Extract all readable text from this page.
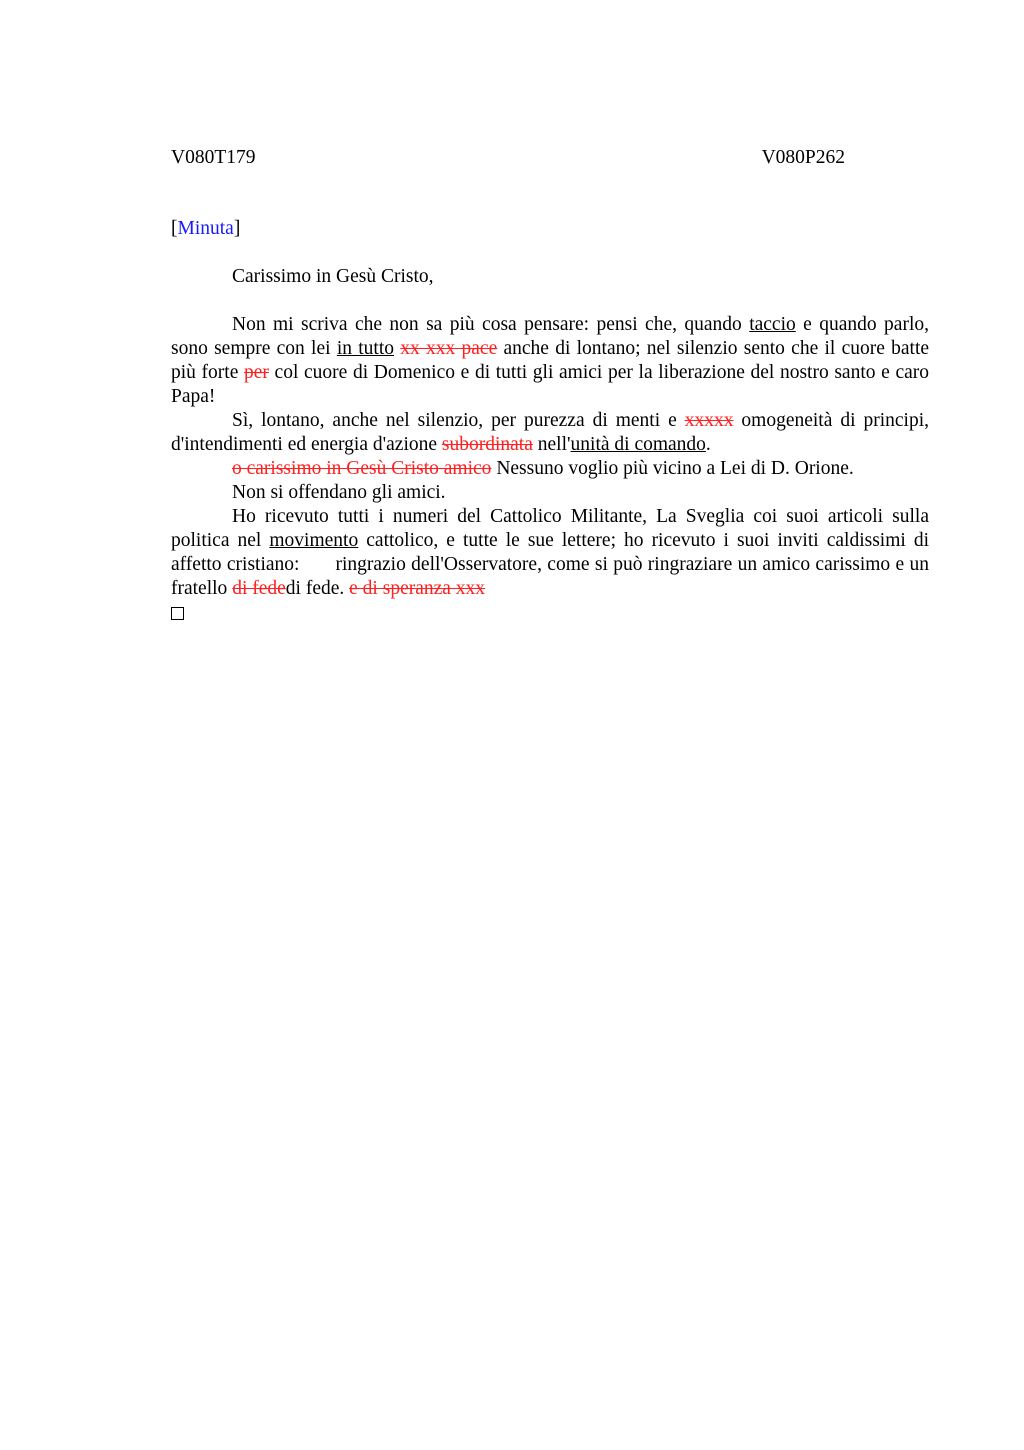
V080T179	V080P262
[Minuta]
Carissimo in Gesù Cristo,

Non mi scriva che non sa più cosa pensare: pensi che, quando taccio e quando parlo, sono sempre con lei in tutto xx xxx pace anche di lontano; nel silenzio sento che il cuore batte più forte per col cuore di Domenico e di tutti gli amici per la liberazione del nostro santo e caro Papa!

Sì, lontano, anche nel silenzio, per purezza di menti e xxxxx omogeneità di principi, d'intendimenti ed energia d'azione subordinata nell'unità di comando.

o carissimo in Gesù Cristo amico Nessuno voglio più vicino a Lei di D. Orione.

Non si offendano gli amici.

Ho ricevuto tutti i numeri del Cattolico Militante, La Sveglia coi suoi articoli sulla politica nel movimento cattolico, e tutte le sue lettere; ho ricevuto i suoi inviti caldissimi di affetto cristiano: ringrazio dell'Osservatore, come si può ringraziare un amico carissimo e un fratello di fededi fede. e di speranza xxx
